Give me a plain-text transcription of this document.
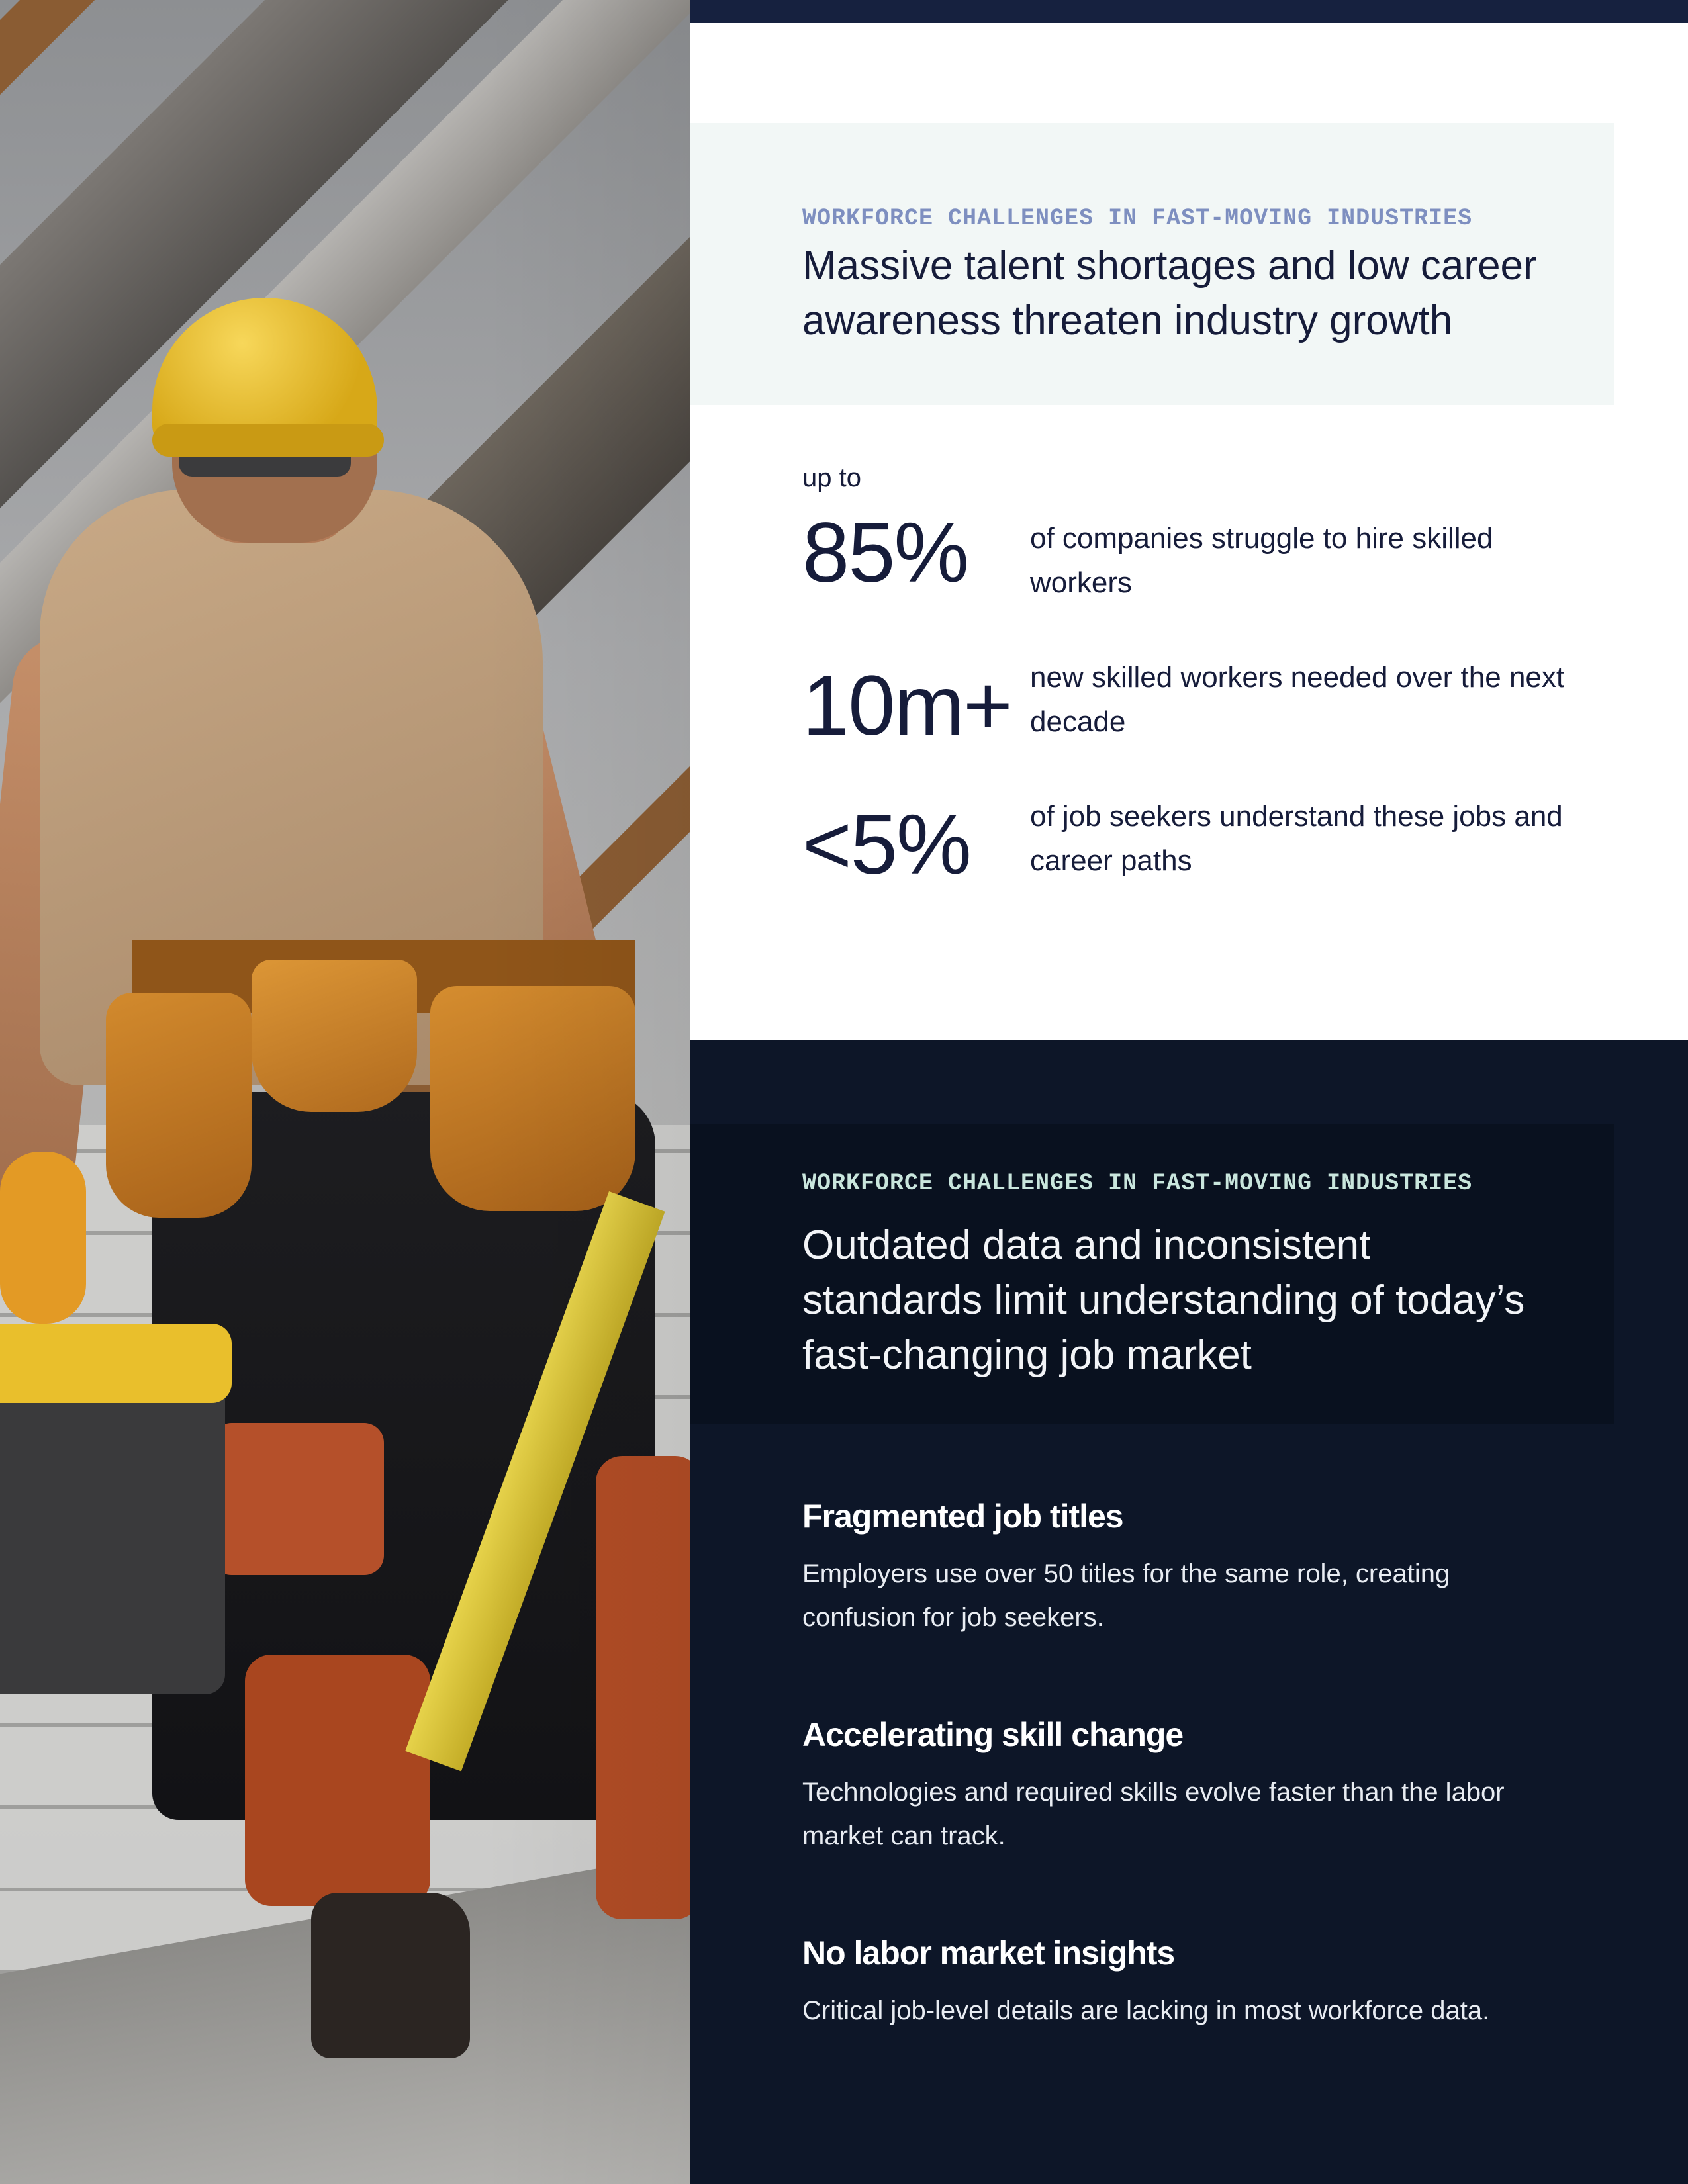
WORKFORCE CHALLENGES IN FAST-MOVING INDUSTRIES
Massive talent shortages and low career awareness threaten industry growth
up to
85% of companies struggle to hire skilled workers
10m+ new skilled workers needed over the next decade
<5% of job seekers understand these jobs and career paths
WORKFORCE CHALLENGES IN FAST-MOVING INDUSTRIES
Outdated data and inconsistent standards limit understanding of today’s fast-changing job market
Fragmented job titles
Employers use over 50 titles for the same role, creating confusion for job seekers.
Accelerating skill change
Technologies and required skills evolve faster than the labor market can track.
No labor market insights
Critical job-level details are lacking in most workforce data.
